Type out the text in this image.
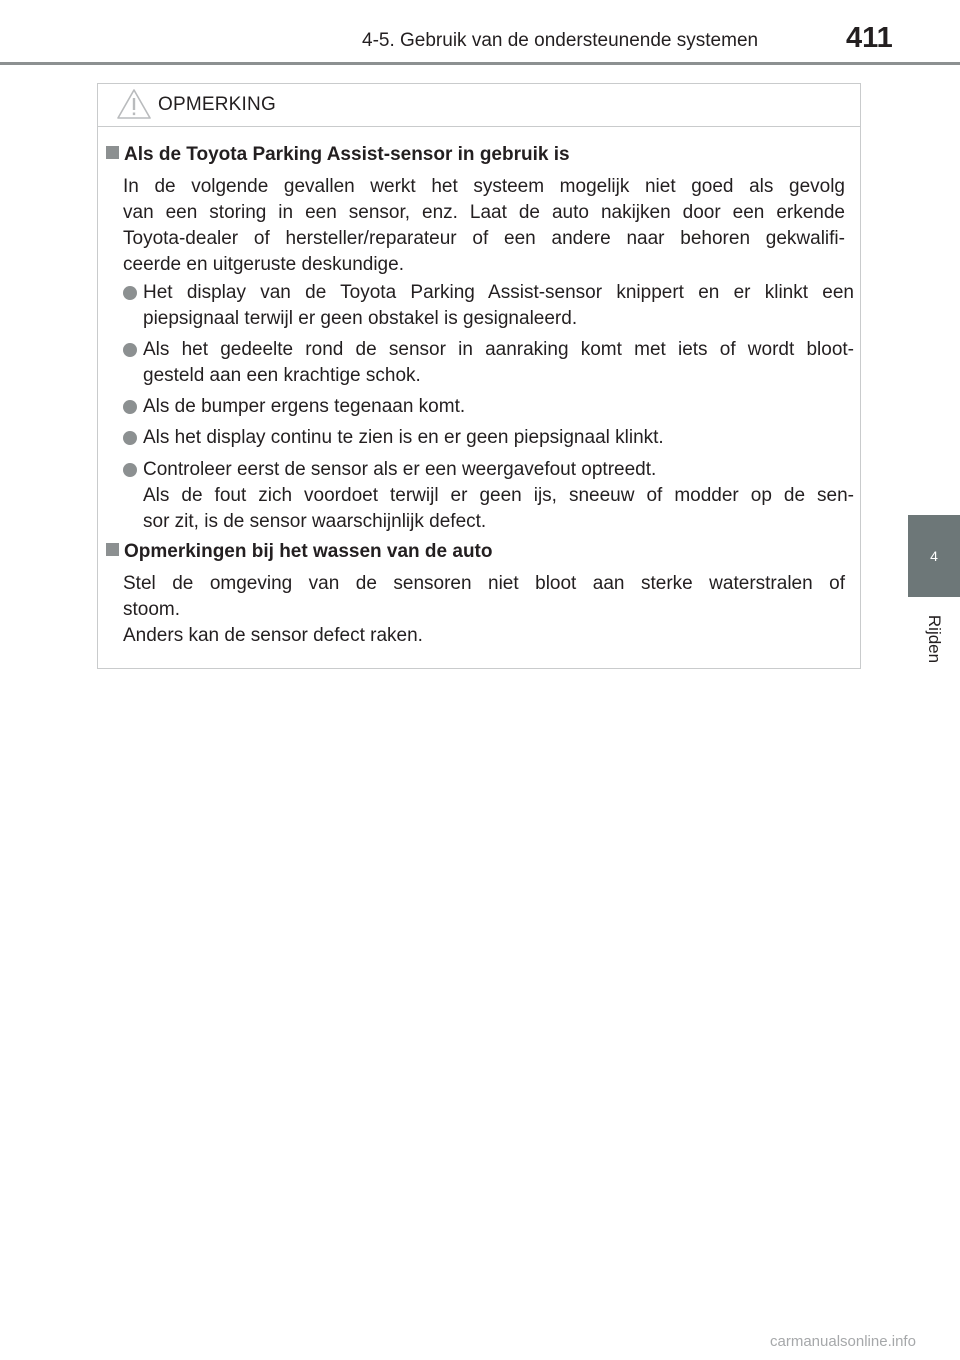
4-5. Gebruik van de ondersteunende systemen	411
4
Rijden
OPMERKING
Als de Toyota Parking Assist-sensor in gebruik is
In de volgende gevallen werkt het systeem mogelijk niet goed als gevolg
van een storing in een sensor, enz. Laat de auto nakijken door een erkende
Toyota-dealer of hersteller/reparateur of een andere naar behoren gekwalifi-
ceerde en uitgeruste deskundige.
Het display van de Toyota Parking Assist-sensor knippert en er klinkt een
piepsignaal terwijl er geen obstakel is gesignaleerd.
Als het gedeelte rond de sensor in aanraking komt met iets of wordt bloot-
gesteld aan een krachtige schok.
Als de bumper ergens tegenaan komt.
Als het display continu te zien is en er geen piepsignaal klinkt.
Controleer eerst de sensor als er een weergavefout optreedt.
Als de fout zich voordoet terwijl er geen ijs, sneeuw of modder op de sen-
sor zit, is de sensor waarschijnlijk defect.
Opmerkingen bij het wassen van de auto
Stel de omgeving van de sensoren niet bloot aan sterke waterstralen of
stoom.
Anders kan de sensor defect raken.
carmanualsonline.info
